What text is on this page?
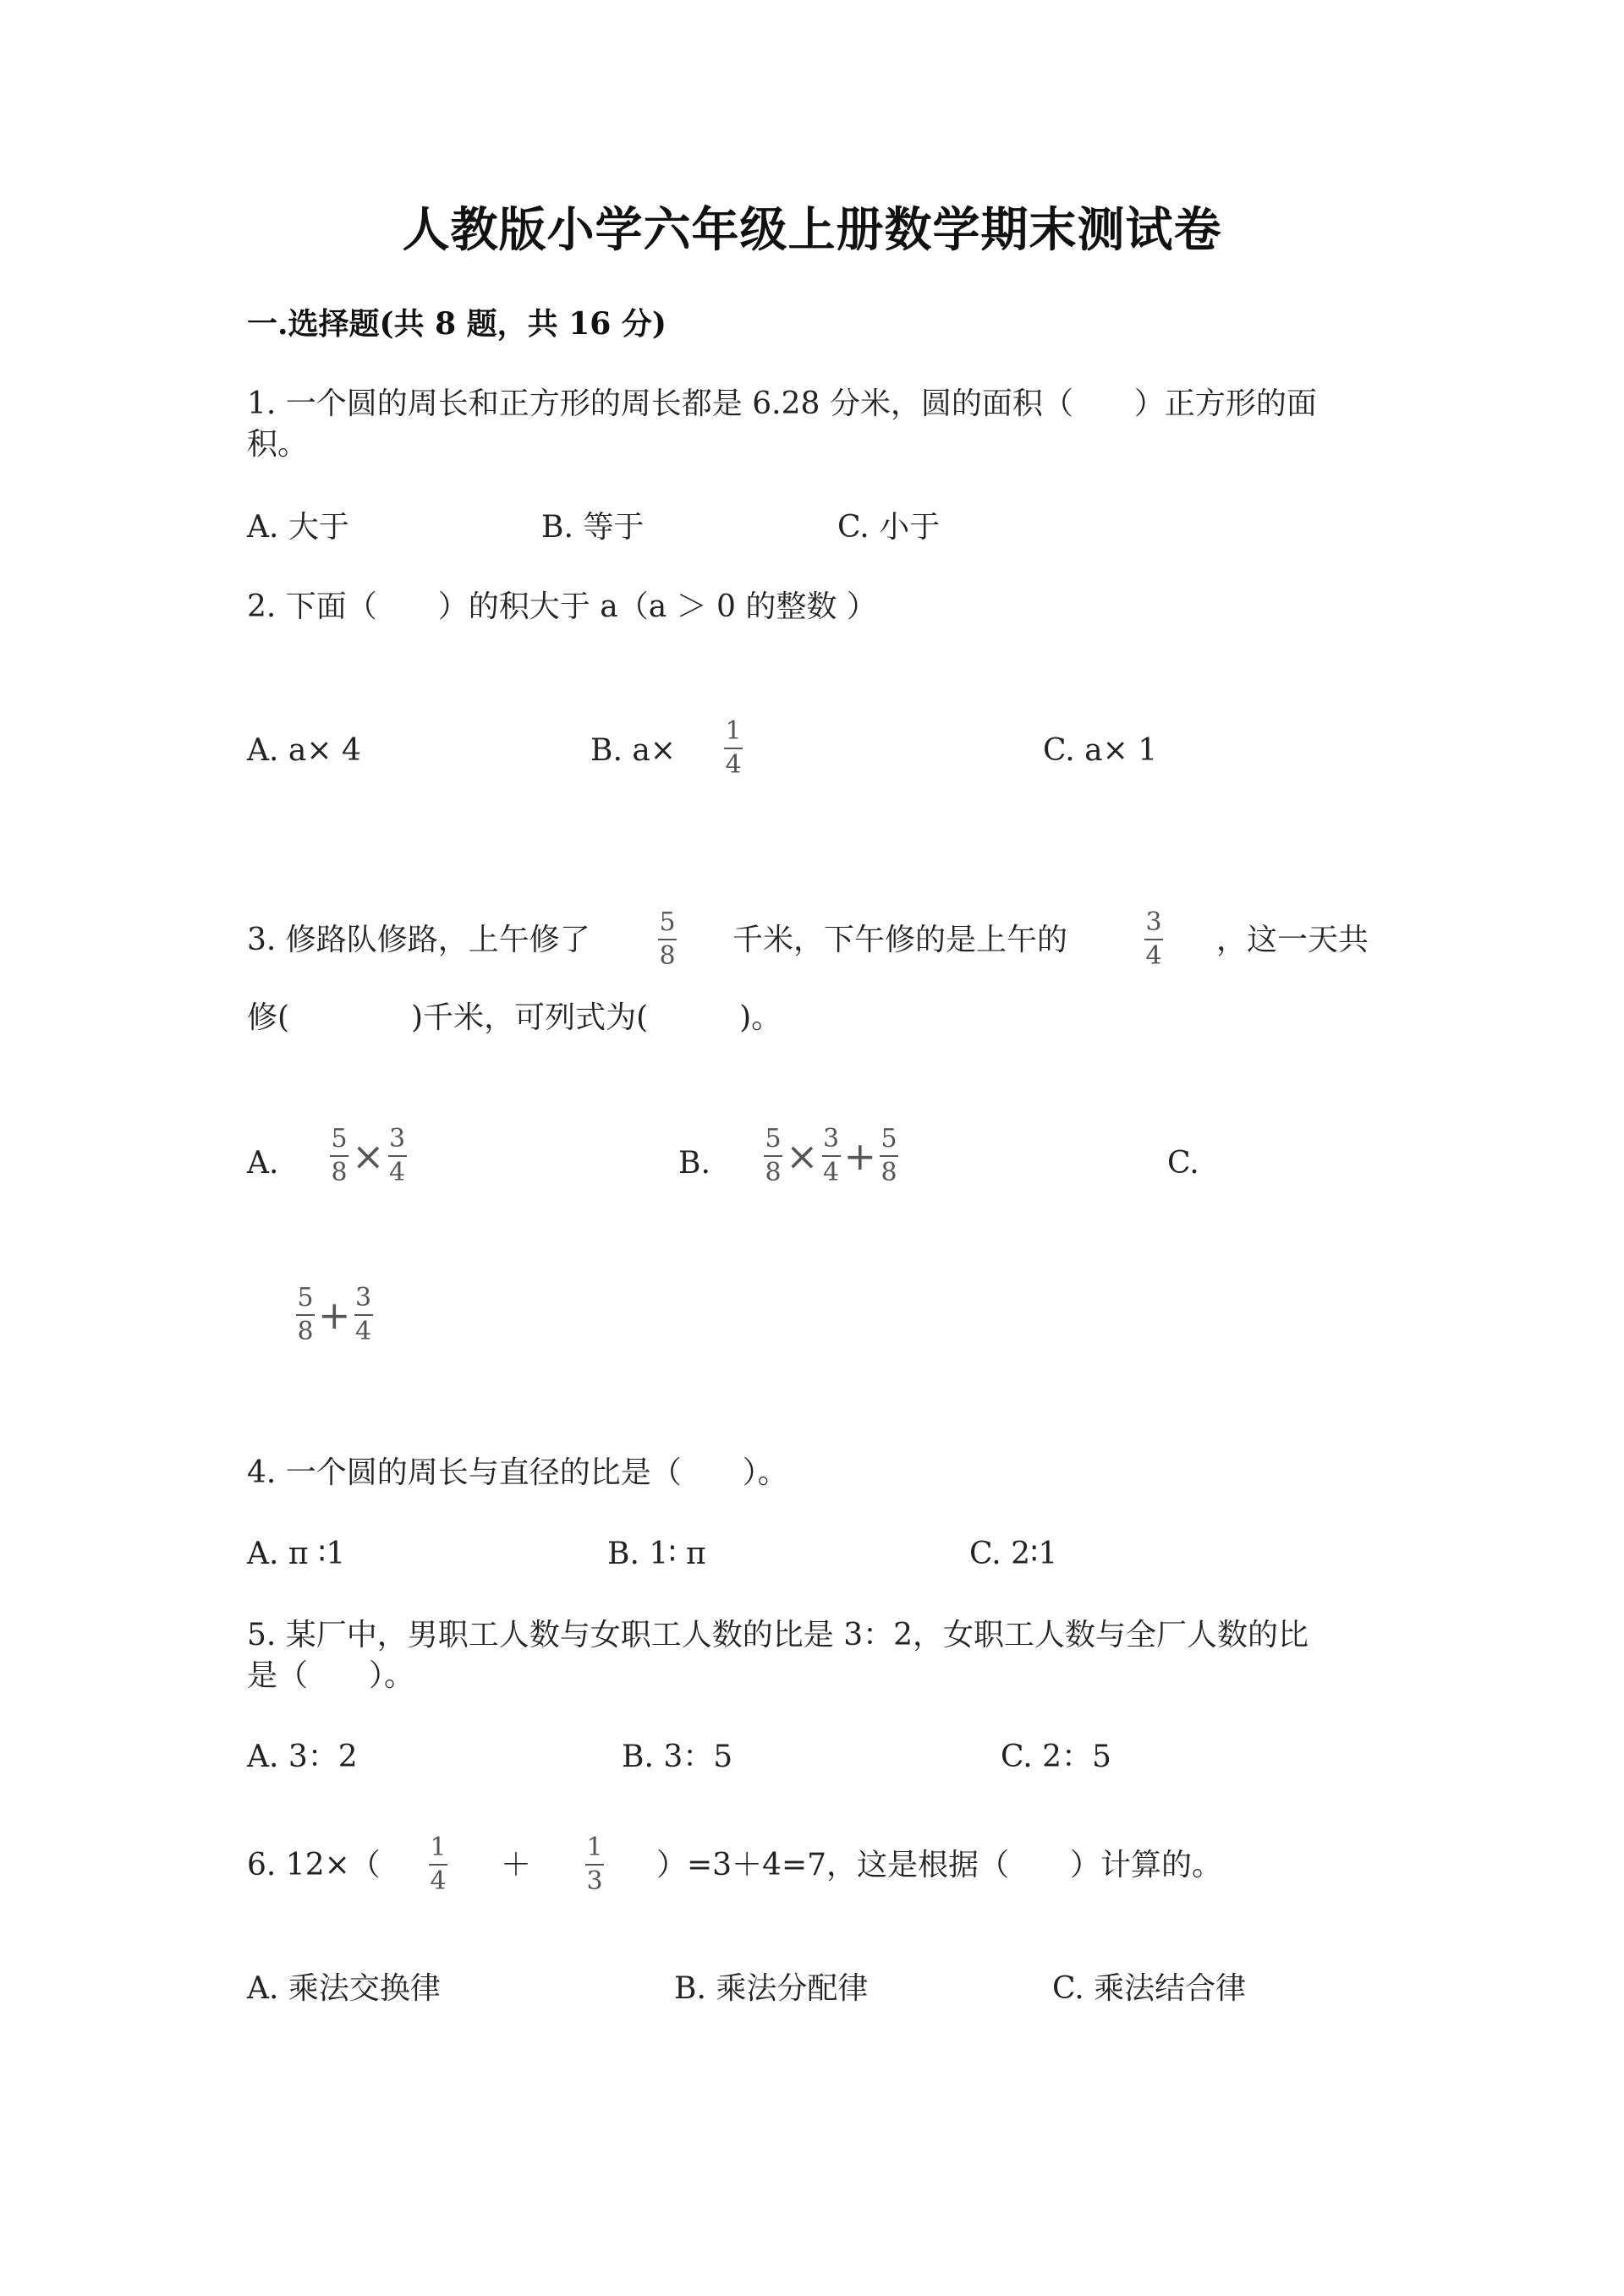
人教版小学六年级上册数学期末测试卷
一.选择题(共 8 题，共 16 分)
1. 一个圆的周长和正方形的周长都是 6.28 分米，圆的面积（　　）正方形的面
积。
A. 大于	B. 等于	C. 小于
2. 下面（　　）的积大于 a（a ＞ 0 的整数 ）
A. a× 4	B. $a\times \frac{1}{4}$	C. a× 1
3. 修路队修路，上午修了	$\frac{5}{8}$ 千米，下午修的是上午的	$\frac{3}{4}$ ，这一天共
修(　　　　)千米，可列式为(　　　)。
A. $\frac{5}{8} \times \frac{3}{4}$	B. $\frac{5}{8} \times \frac{3}{4} + \frac{5}{8}$	C.
$\frac{5}{8} + \frac{3}{4}$
4. 一个圆的周长与直径的比是（　　）。
A. π ∶1	B. 1∶ π	C. 2∶1
5. 某厂中，男职工人数与女职工人数的比是 3：2，女职工人数与全厂人数的比
是（　　）。
A. 3：2	B. 3：5	C. 2：5
6. $12\times( \frac{1}{4} + \frac{1}{3} )=3+4=7$，这是根据（　　）计算的。
A. 乘法交换律	B. 乘法分配律	C. 乘法结合律
